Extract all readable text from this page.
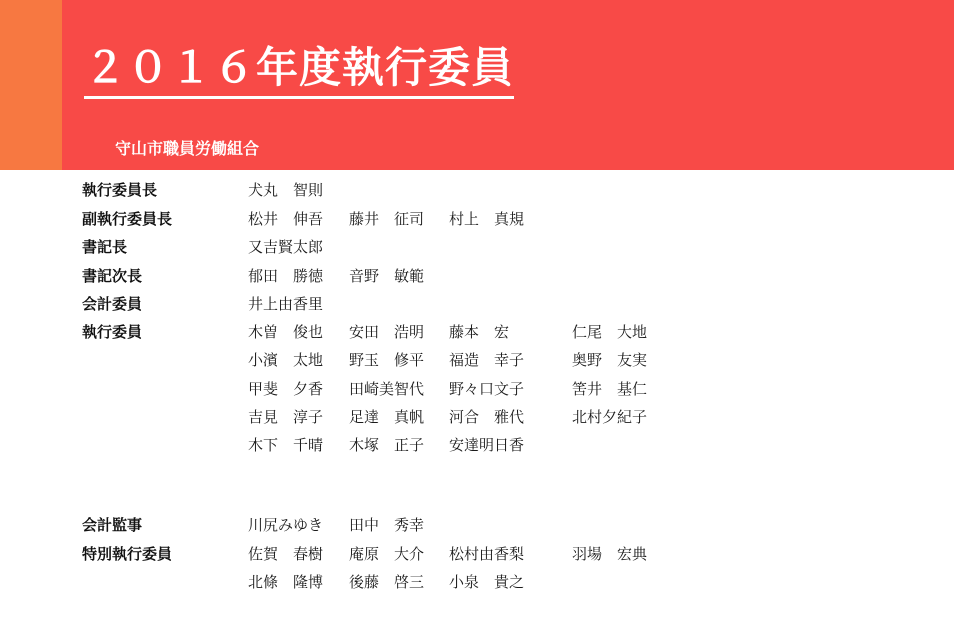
２０１６年度執行委員
守山市職員労働組合
執行委員長	犬丸　智則
副執行委員長	松井　伸吾 藤井　征司 村上　真規
書記長	又吉賢太郎
書記次長	郁田　勝徳 音野　敏範
会計委員	井上由香里
執行委員	木曽　俊也 安田　浩明 藤本　宏	仁尾　大地
小濱　太地 野玉　修平 福造　幸子	奥野　友実
甲斐　夕香 田崎美智代 野々口文子	筈井　基仁
吉見　淳子 足達　真帆 河合　雅代	北村夕紀子
木下　千晴 木塚　正子 安達明日香
会計監事	川尻みゆき 田中　秀幸
特別執行委員	佐賀　春樹 庵原　大介 松村由香梨	羽場　宏典
北條　隆博 後藤　啓三 小泉　貴之
